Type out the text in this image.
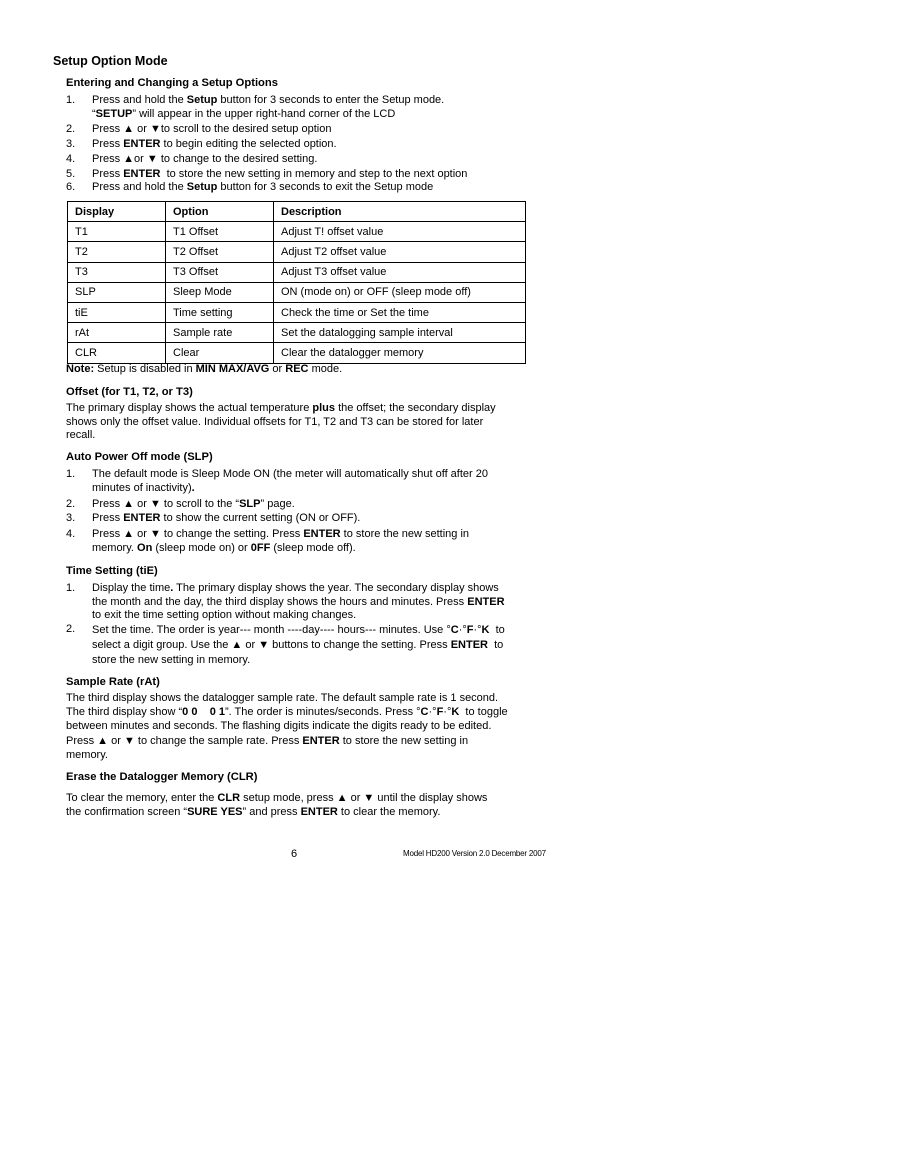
Setup Option Mode
Entering and Changing a Setup Options
1. Press and hold the Setup button for 3 seconds to enter the Setup mode.
“SETUP” will appear in the upper right-hand corner of the LCD
2. Press ▲ or ▼to scroll to the desired setup option
3. Press ENTER to begin editing the selected option.
4. Press ▲or ▼ to change to the desired setting.
5. Press ENTER  to store the new setting in memory and step to the next option
6. Press and hold the Setup button for 3 seconds to exit the Setup mode
Display	Option	Description
T1	T1 Offset	Adjust T! offset value
T2	T2 Offset	Adjust T2 offset value
T3	T3 Offset	Adjust T3 offset value
SLP	Sleep Mode	ON (mode on) or OFF (sleep mode off)
tiE	Time setting	Check the time or Set the time
rAt	Sample rate	Set the datalogging sample interval
CLR	Clear	Clear the datalogger memory
Note: Setup is disabled in MIN MAX/AVG or REC mode.
Offset (for T1, T2, or T3)
The primary display shows the actual temperature plus the offset; the secondary display
shows only the offset value. Individual offsets for T1, T2 and T3 can be stored for later
recall.
Auto Power Off mode (SLP)
1. The default mode is Sleep Mode ON (the meter will automatically shut off after 20
minutes of inactivity).
2. Press ▲ or ▼ to scroll to the “SLP” page.
3. Press ENTER to show the current setting (ON or OFF).
4. Press ▲ or ▼ to change the setting. Press ENTER to store the new setting in
memory. On (sleep mode on) or 0FF (sleep mode off).
Time Setting (tiE)
1. Display the time. The primary display shows the year. The secondary display shows
the month and the day, the third display shows the hours and minutes. Press ENTER
to exit the time setting option without making changes.
2. Set the time. The order is year--- month ----day---- hours--- minutes. Use °C·°F·°K  to
select a digit group. Use the ▲ or ▼ buttons to change the setting. Press ENTER  to
store the new setting in memory.
Sample Rate (rAt)
The third display shows the datalogger sample rate. The default sample rate is 1 second.
The third display show “0 0    0 1”. The order is minutes/seconds. Press °C·°F·°K  to toggle
between minutes and seconds. The flashing digits indicate the digits ready to be edited.
Press ▲ or ▼ to change the sample rate. Press ENTER to store the new setting in
memory.
Erase the Datalogger Memory (CLR)
To clear the memory, enter the CLR setup mode, press ▲ or ▼ until the display shows
the confirmation screen “SURE YES” and press ENTER to clear the memory.
6	Model HD200 Version 2.0 December 2007
